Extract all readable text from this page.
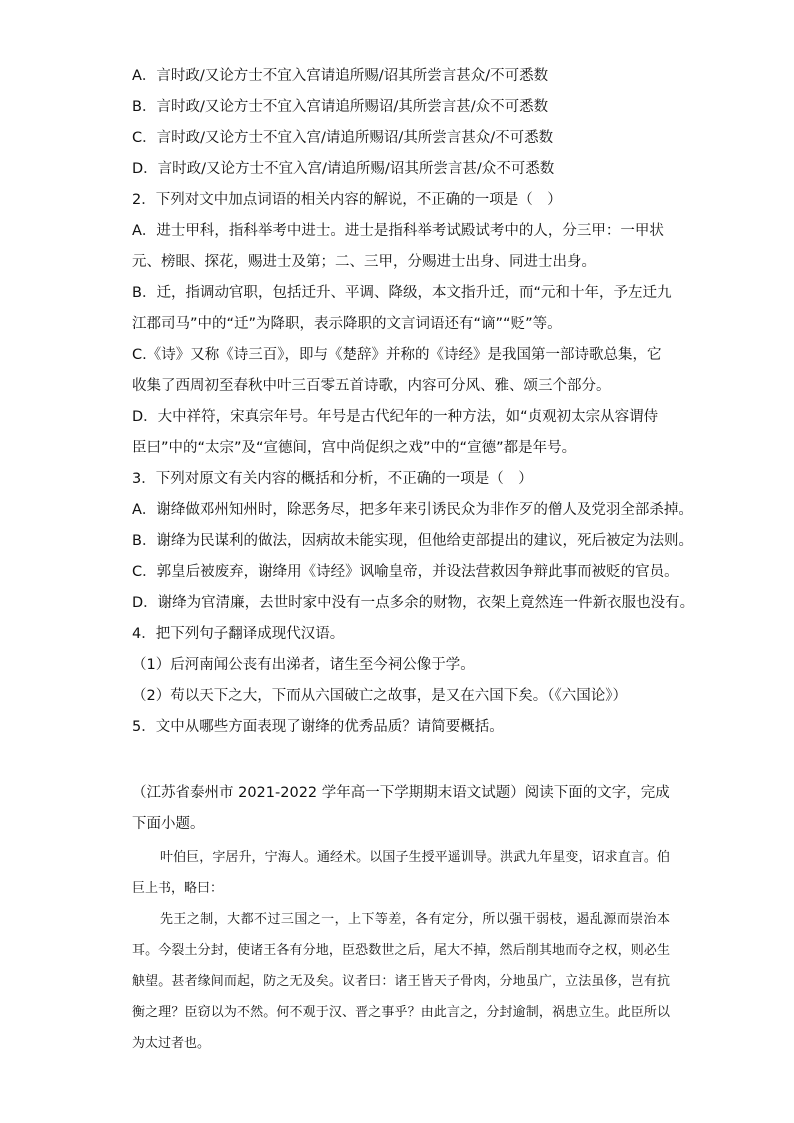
A．言时政/又论方士不宜入宫请追所赐/诏其所尝言甚众/不可悉数
B．言时政/又论方士不宜入宫请追所赐诏/其所尝言甚/众不可悉数
C．言时政/又论方士不宜入宫/请追所赐诏/其所尝言甚众/不可悉数
D．言时政/又论方士不宜入宫/请追所赐/诏其所尝言甚/众不可悉数
2．下列对文中加点词语的相关内容的解说，不正确的一项是（　）
A．进士甲科，指科举考中进士。进士是指科举考试殿试考中的人，分三甲：一甲状元、榜眼、探花，赐进士及第；二、三甲，分赐进士出身、同进士出身。
B．迁，指调动官职，包括迁升、平调、降级，本文指升迁，而“元和十年，予左迁九江郡司马”中的“迁”为降职，表示降职的文言词语还有“谪”“贬”等。
C.《诗》又称《诗三百》，即与《楚辞》并称的《诗经》是我国第一部诗歌总集，它收集了西周初至春秋中叶三百零五首诗歌，内容可分风、雅、颂三个部分。
D．大中祥符，宋真宗年号。年号是古代纪年的一种方法，如“贞观初太宗从容谓侍臣曰”中的“太宗”及“宣德间，宫中尚促织之戏”中的“宣德”都是年号。
3．下列对原文有关内容的概括和分析，不正确的一项是（　）
A．谢绛做邓州知州时，除恶务尽，把多年来引诱民众为非作歹的僧人及党羽全部杀掉。
B．谢绛为民谋利的做法，因病故未能实现，但他给吏部提出的建议，死后被定为法则。
C．郭皇后被废弃，谢绛用《诗经》讽喻皇帝，并设法营救因争辩此事而被贬的官员。
D．谢绛为官清廉，去世时家中没有一点多余的财物，衣架上竟然连一件新衣服也没有。
4．把下列句子翻译成现代汉语。
（1）后河南闻公丧有出涕者，诸生至今祠公像于学。
（2）苟以天下之大，下而从六国破亡之故事，是又在六国下矣。（《六国论》）
5．文中从哪些方面表现了谢绛的优秀品质？请简要概括。
（江苏省泰州市 2021-2022 学年高一下学期期末语文试题）阅读下面的文字，完成下面小题。
叶伯巨，字居升，宁海人。通经术。以国子生授平遥训导。洪武九年星变，诏求直言。伯巨上书，略曰：
先王之制，大都不过三国之一，上下等差，各有定分，所以强干弱枝，遏乱源而崇治本耳。今裂土分封，使诸王各有分地，臣恐数世之后，尾大不掉，然后削其地而夺之权，则必生觖望。甚者缘间而起，防之无及矣。议者曰：诸王皆天子骨肉，分地虽广，立法虽侈，岂有抗衡之理？臣窃以为不然。何不观于汉、晋之事乎？由此言之，分封逾制，祸患立生。此臣所以为太过者也。
